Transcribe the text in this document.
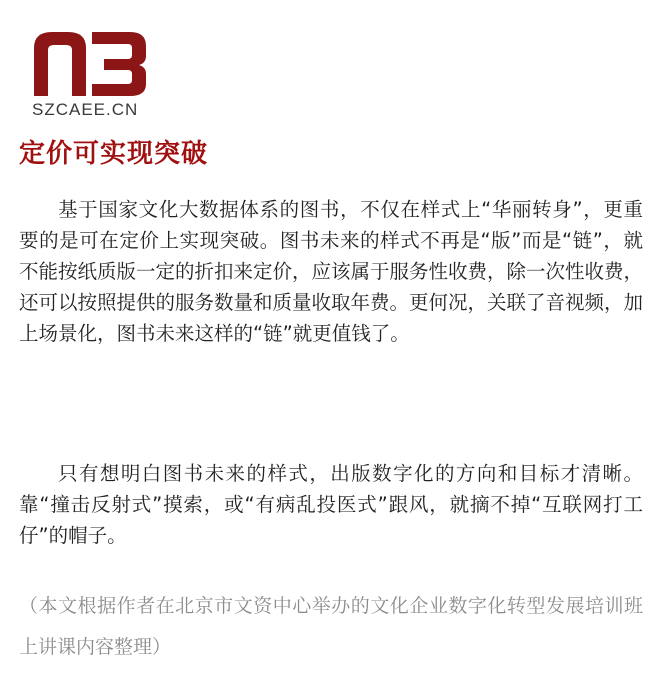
SZCAEE.CN
定价可实现突破

基于国家文化大数据体系的图书，不仅在样式上“华丽转身”，更重要的是可在定价上实现突破。图书未来的样式不再是“版”而是“链”，就不能按纸质版一定的折扣来定价，应该属于服务性收费，除一次性收费，还可以按照提供的服务数量和质量收取年费。更何况，关联了音视频，加上场景化，图书未来这样的“链”就更值钱了。

只有想明白图书未来的样式，出版数字化的方向和目标才清晰。靠“撞击反射式”摸索，或“有病乱投医式”跟风，就摘不掉“互联网打工仔”的帽子。

（本文根据作者在北京市文资中心举办的文化企业数字化转型发展培训班上讲课内容整理）
